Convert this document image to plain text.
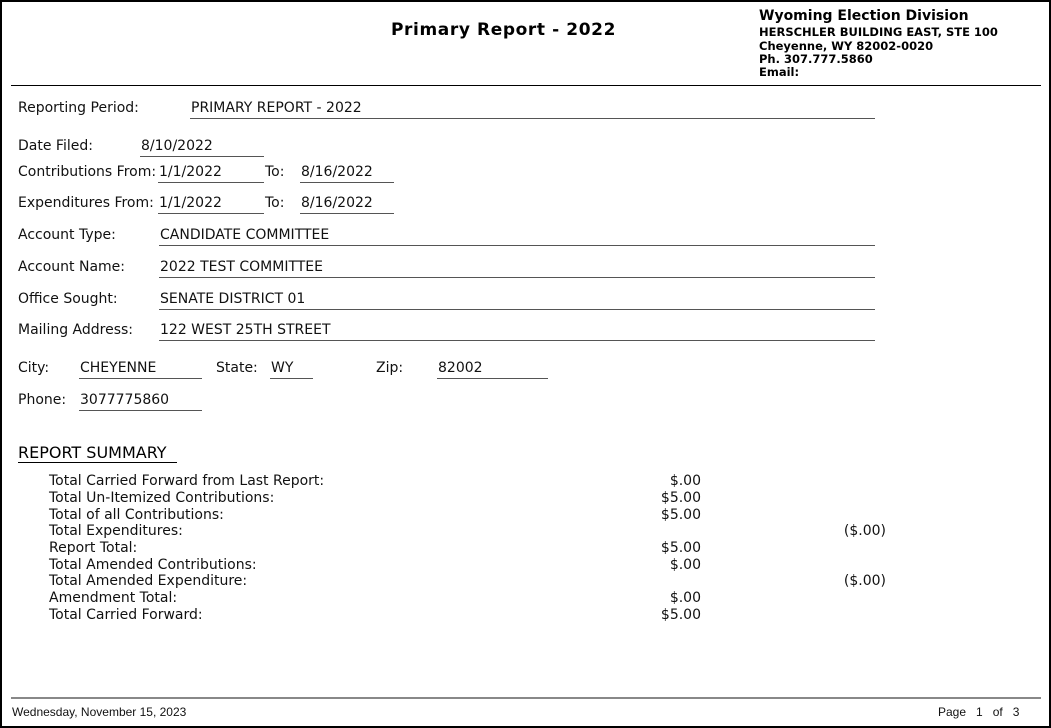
Primary Report - 2022
Wyoming Election Division
HERSCHLER BUILDING EAST, STE 100
Cheyenne, WY 82002-0020
Ph. 307.777.5860
Email:
Reporting Period:	PRIMARY REPORT - 2022
Date Filed:	8/10/2022
Contributions From: 1/1/2022	To: 8/16/2022
Expenditures From: 1/1/2022	To: 8/16/2022
Account Type:	CANDIDATE COMMITTEE
Account Name:	2022 TEST COMMITTEE
Office Sought:	SENATE DISTRICT 01
Mailing Address: 122 WEST 25TH STREET
City: CHEYENNE	State: WY	Zip: 82002
Phone: 3077775860
REPORT SUMMARY
Total Carried Forward from Last Report:	$.00
Total Un-Itemized Contributions:	$5.00
Total of all Contributions:	$5.00
Total Expenditures:	($.00)
Report Total:	$5.00
Total Amended Contributions:	$.00
Total Amended Expenditure:	($.00)
Amendment Total:	$.00
Total Carried Forward:	$5.00
Wednesday, November 15, 2023	Page 1 of 3
